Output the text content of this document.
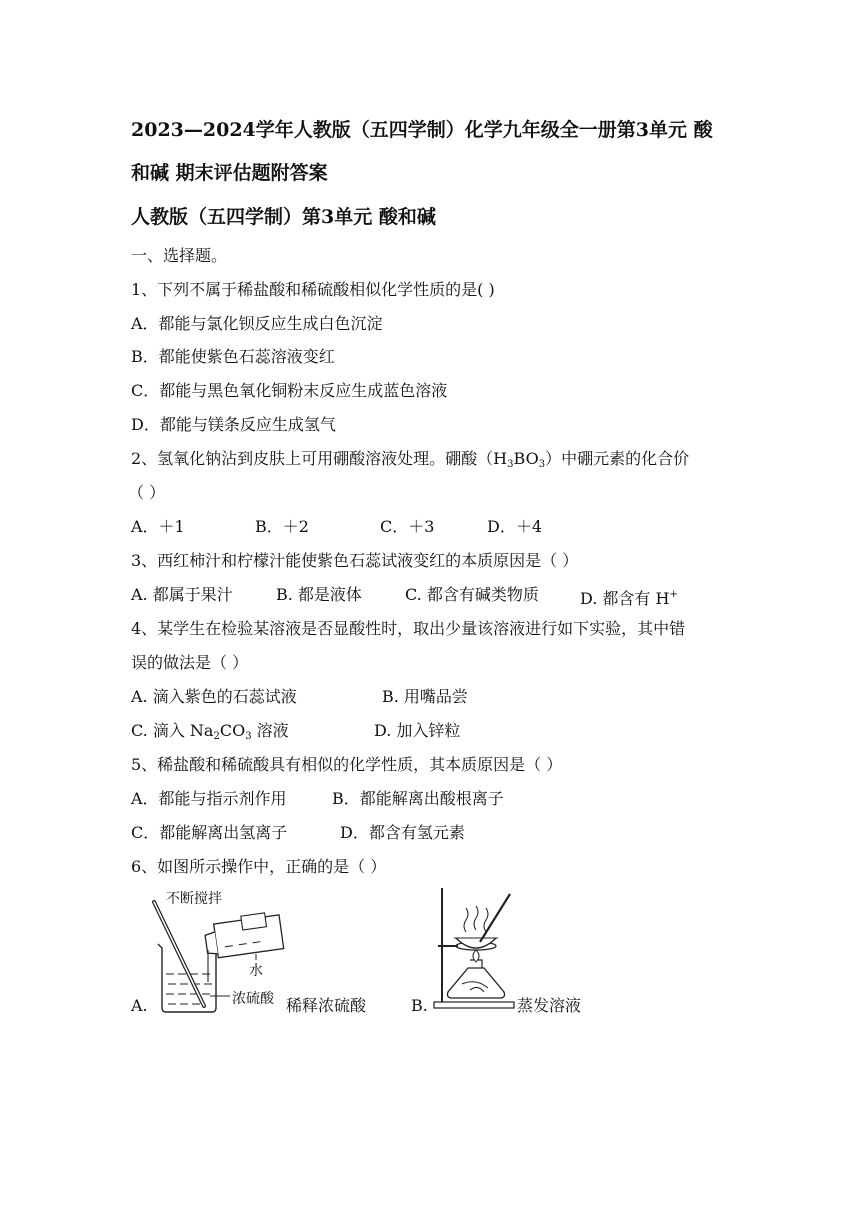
2023—2024学年人教版（五四学制）化学九年级全一册第3单元 酸
和碱 期末评估题附答案
人教版（五四学制）第3单元 酸和碱
一、选择题。
1、下列不属于稀盐酸和稀硫酸相似化学性质的是( )
A．都能与氯化钡反应生成白色沉淀
B．都能使紫色石蕊溶液变红
C．都能与黑色氧化铜粉末反应生成蓝色溶液
D．都能与镁条反应生成氢气
2、氢氧化钠沾到皮肤上可用硼酸溶液处理。硼酸$(H_3BO_3)$中硼元素的化合价
（ ）
A．＋1	B．＋2	C．＋3	D．＋4
3、西红柿汁和柠檬汁能使紫色石蕊试液变红的本质原因是（ ）
A. 都属于果汁	B. 都是液体	C. 都含有碱类物质	D. 都含有 H+
4、某学生在检验某溶液是否显酸性时，取出少量该溶液进行如下实验，其中错
误的做法是（ ）
A. 滴入紫色的石蕊试液	B. 用嘴品尝
C. 滴入 $Na_2CO_3$ 溶液	D. 加入锌粒
5、稀盐酸和稀硫酸具有相似的化学性质，其本质原因是（ ）
A．都能与指示剂作用	B．都能解离出酸根离子
C．都能解离出氢离子	D．都含有氢元素
6、如图所示操作中，正确的是（ ）
A.
不断搅拌
水
浓硫酸 稀释浓硫酸	B.	蒸发溶液
